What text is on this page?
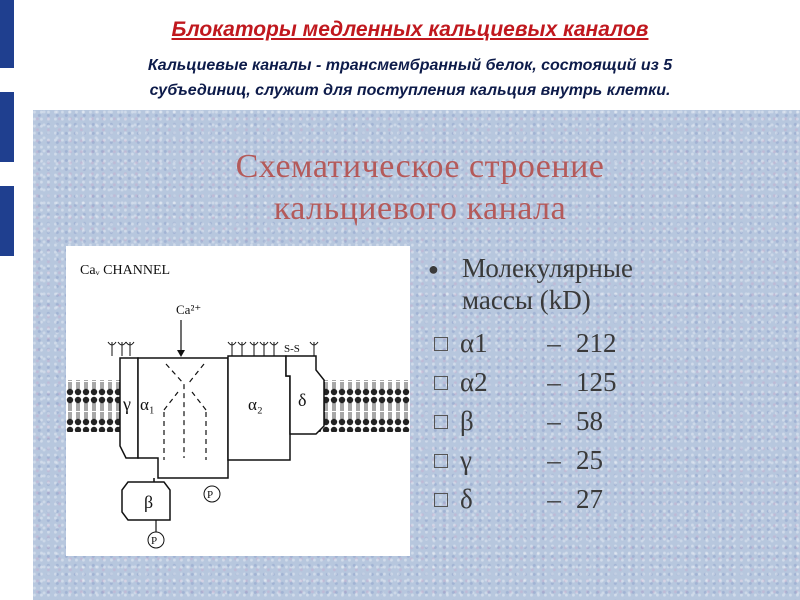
Блокаторы медленных кальциевых каналов
Кальциевые каналы - трансмембранный белок, состоящий из 5
субъединиц, служит для поступления кальция внутрь клетки.
Схематическое строение
кальциевого канала
Caᵥ CHANNEL
Ca²⁺
S-S
P
P
γ α₁	α₂ δ
β
● Молекулярные
массы (kD)
α1	– 212
α2	– 125
β	– 58
γ	– 25
δ	– 27
